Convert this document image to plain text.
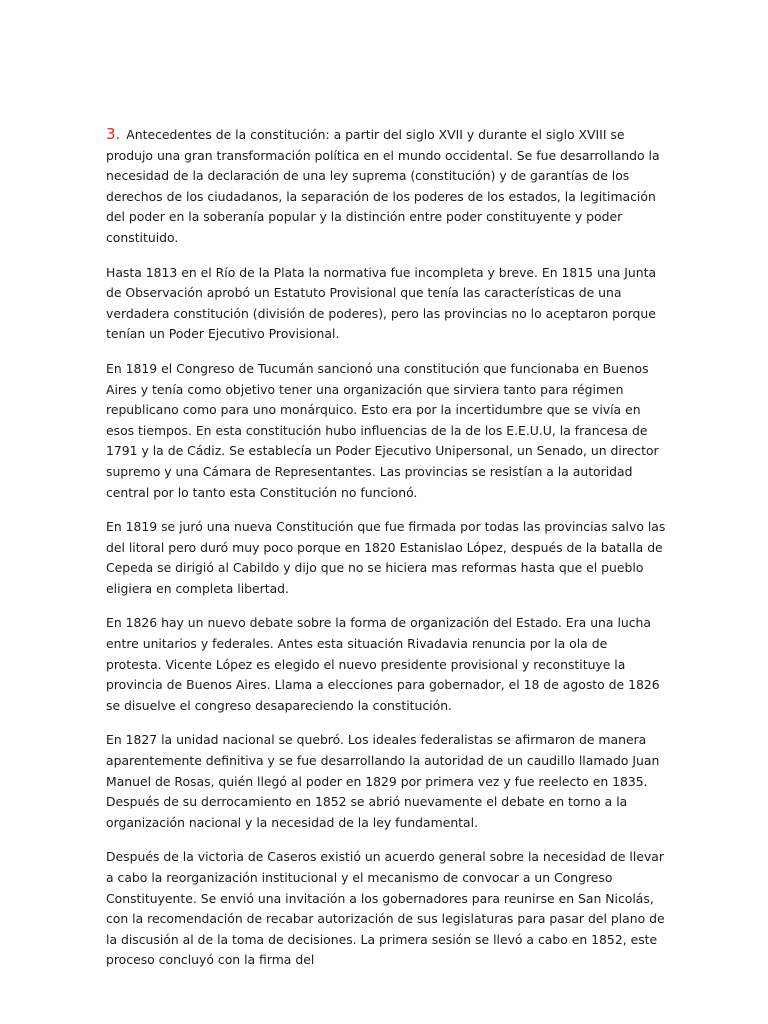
3. Antecedentes de la constitución: a partir del siglo XVII y durante el siglo XVIII se produjo una gran transformación política en el mundo occidental. Se fue desarrollando la necesidad de la declaración de una ley suprema (constitución) y de garantías de los derechos de los ciudadanos, la separación de los poderes de los estados, la legitimación del poder en la soberanía popular y la distinción entre poder constituyente y poder constituido.

Hasta 1813 en el Río de la Plata la normativa fue incompleta y breve. En 1815 una Junta de Observación aprobó un Estatuto Provisional que tenía las características de una verdadera constitución (división de poderes), pero las provincias no lo aceptaron porque tenían un Poder Ejecutivo Provisional.

En 1819 el Congreso de Tucumán sancionó una constitución que funcionaba en Buenos Aires y tenía como objetivo tener una organización que sirviera tanto para régimen republicano como para uno monárquico. Esto era por la incertidumbre que se vivía en esos tiempos. En esta constitución hubo influencias de la de los E.E.U.U, la francesa de 1791 y la de Cádiz. Se establecía un Poder Ejecutivo Unipersonal, un Senado, un director supremo y una Cámara de Representantes. Las provincias se resistían a la autoridad central por lo tanto esta Constitución no funcionó.

En 1819 se juró una nueva Constitución que fue firmada por todas las provincias salvo las del litoral pero duró muy poco porque en 1820 Estanislao López, después de la batalla de Cepeda se dirigió al Cabildo y dijo que no se hiciera mas reformas hasta que el pueblo eligiera en completa libertad.

En 1826 hay un nuevo debate sobre la forma de organización del Estado. Era una lucha entre unitarios y federales. Antes esta situación Rivadavia renuncia por la ola de protesta. Vicente López es elegido el nuevo presidente provisional y reconstituye la provincia de Buenos Aires. Llama a elecciones para gobernador, el 18 de agosto de 1826 se disuelve el congreso desapareciendo la constitución.

En 1827 la unidad nacional se quebró. Los ideales federalistas se afirmaron de manera aparentemente definitiva y se fue desarrollando la autoridad de un caudillo llamado Juan Manuel de Rosas, quién llegó al poder en 1829 por primera vez y fue reelecto en 1835. Después de su derrocamiento en 1852 se abrió nuevamente el debate en torno a la organización nacional y la necesidad de la ley fundamental.

Después de la victoria de Caseros existió un acuerdo general sobre la necesidad de llevar a cabo la reorganización institucional y el mecanismo de convocar a un Congreso Constituyente. Se envió una invitación a los gobernadores para reunirse en San Nicolás, con la recomendación de recabar autorización de sus legislaturas para pasar del plano de la discusión al de la toma de decisiones. La primera sesión se llevó a cabo en 1852, este proceso concluyó con la firma del
